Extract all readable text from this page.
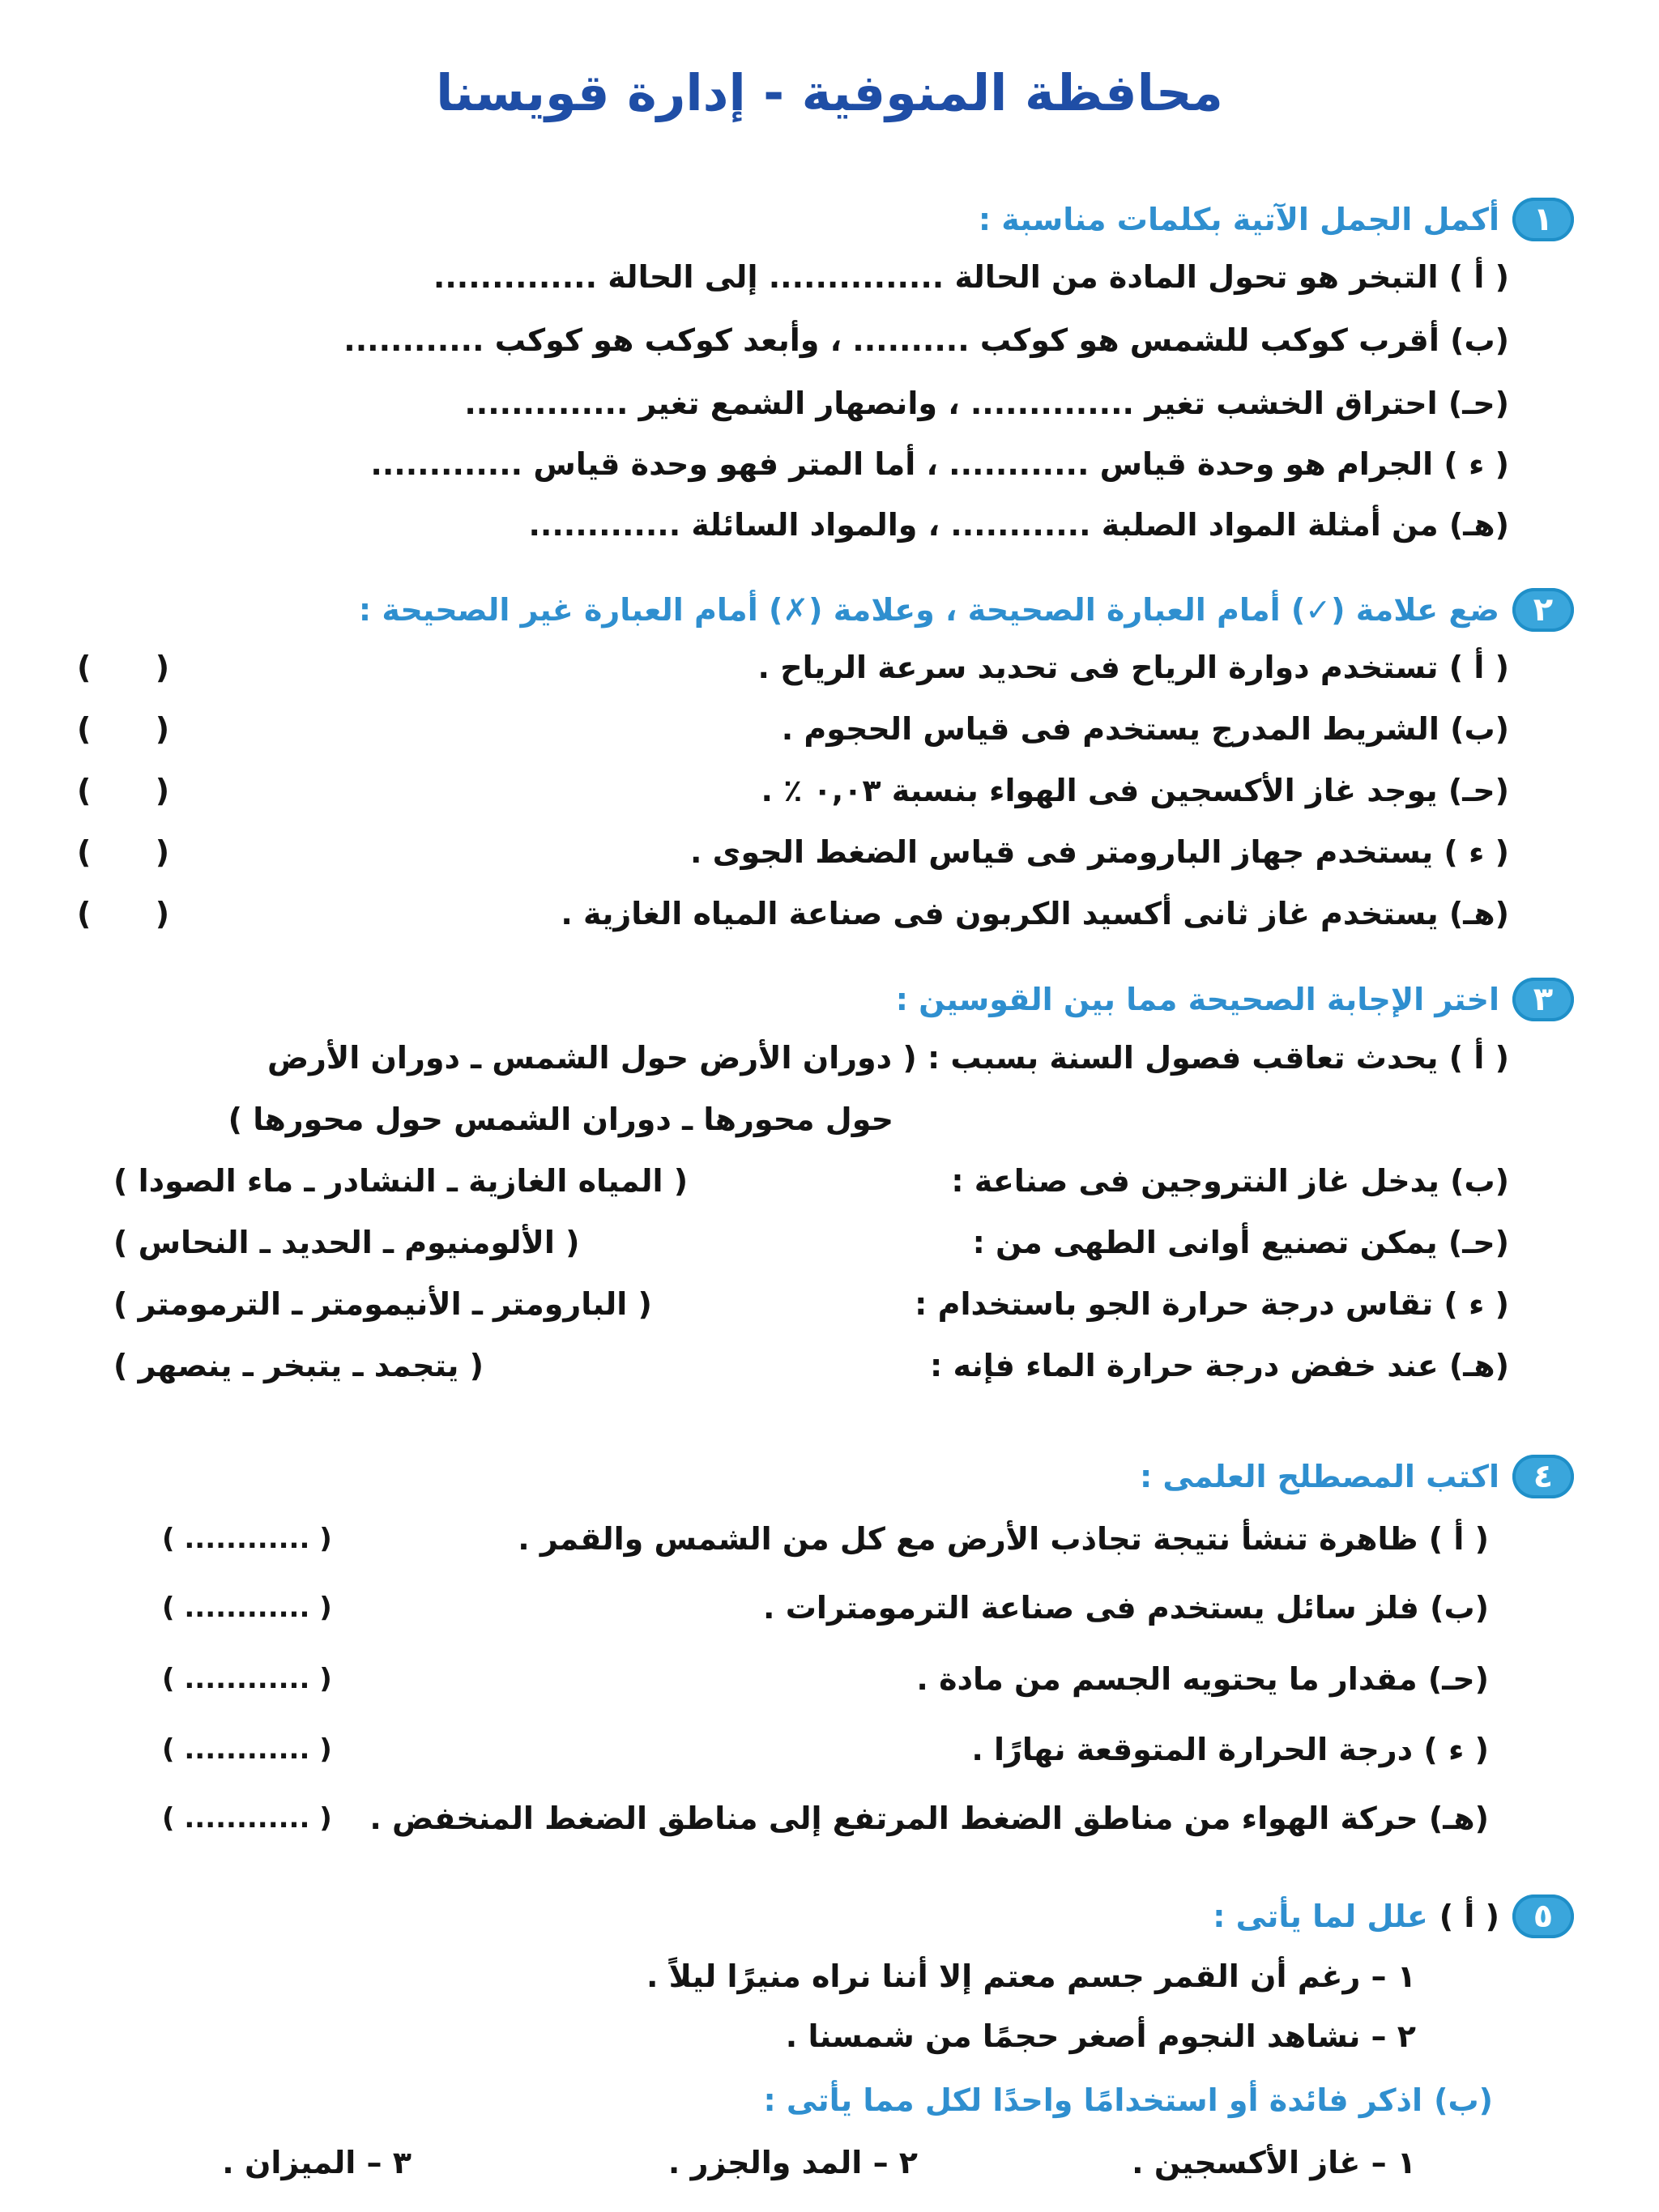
محافظة المنوفية - إدارة قويسنا
١
أكمل الجمل الآتية بكلمات مناسبة :
( أ ) التبخر هو تحول المادة من الحالة ............... إلى الحالة ..............
(ب) أقرب كوكب للشمس هو كوكب .......... ، وأبعد كوكب هو كوكب ............
(حـ) احتراق الخشب تغير .............. ، وانصهار الشمع تغير ..............
( ء ) الجرام هو وحدة قياس ............ ، أما المتر فهو وحدة قياس .............
(هـ) من أمثلة المواد الصلبة ............ ، والمواد السائلة .............
٢
ضع علامة (✓) أمام العبارة الصحيحة ، وعلامة (✗) أمام العبارة غير الصحيحة :
( أ ) تستخدم دوارة الرياح فى تحديد سرعة الرياح .
(      )
(ب) الشريط المدرج يستخدم فى قياس الحجوم .
(      )
(حـ) يوجد غاز الأكسجين فى الهواء بنسبة ٠,٠٣ ٪ .
(      )
( ء ) يستخدم جهاز البارومتر فى قياس الضغط الجوى .
(      )
(هـ) يستخدم غاز ثانى أكسيد الكربون فى صناعة المياه الغازية .
(      )
٣
اختر الإجابة الصحيحة مما بين القوسين :
( أ ) يحدث تعاقب فصول السنة بسبب : ( دوران الأرض حول الشمس ـ دوران الأرض
حول محورها ـ دوران الشمس حول محورها )
(ب) يدخل غاز النتروجين فى صناعة :
( المياه الغازية ـ النشادر ـ ماء الصودا )
(حـ) يمكن تصنيع أوانى الطهى من :
( الألومنيوم ـ الحديد ـ النحاس )
( ء ) تقاس درجة حرارة الجو باستخدام :
( البارومتر ـ الأنيمومتر ـ الترمومتر )
(هـ) عند خفض درجة حرارة الماء فإنه :
( يتجمد ـ يتبخر ـ ينصهر )
٤
اكتب المصطلح العلمى :
( أ ) ظاهرة تنشأ نتيجة تجاذب الأرض مع كل من الشمس والقمر .
( ............ )
(ب) فلز سائل يستخدم فى صناعة الترمومترات .
( ............ )
(حـ) مقدار ما يحتويه الجسم من مادة .
( ............ )
( ء ) درجة الحرارة المتوقعة نهارًا .
( ............ )
(هـ) حركة الهواء من مناطق الضغط المرتفع إلى مناطق الضغط المنخفض .
( ............ )
٥
( أ )
علل لما يأتى :
١ – رغم أن القمر جسم معتم إلا أننا نراه منيرًا ليلاً .
٢ – نشاهد النجوم أصغر حجمًا من شمسنا .
(ب)
اذكر فائدة أو استخدامًا واحدًا لكل مما يأتى :
١ – غاز الأكسجين .
٢ – المد والجزر .
٣ – الميزان .
